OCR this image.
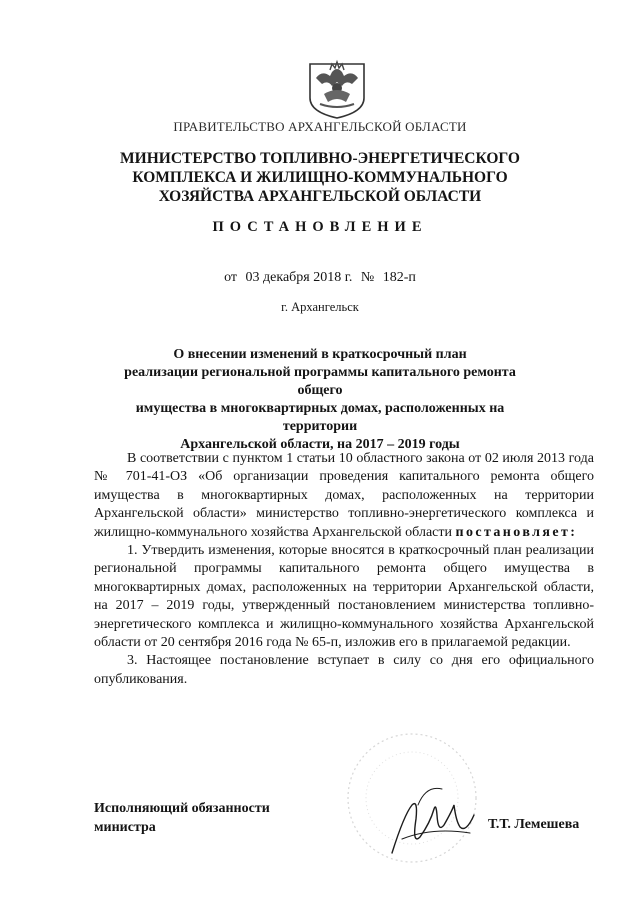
ПРАВИТЕЛЬСТВО АРХАНГЕЛЬСКОЙ ОБЛАСТИ

МИНИСТЕРСТВО ТОПЛИВНО-ЭНЕРГЕТИЧЕСКОГО
КОМПЛЕКСА И ЖИЛИЩНО-КОММУНАЛЬНОГО
ХОЗЯЙСТВА АРХАНГЕЛЬСКОЙ ОБЛАСТИ

ПОСТАНОВЛЕНИЕ

от 03 декабря 2018 г. № 182-п

г. Архангельск

О внесении изменений в краткосрочный план
реализации региональной программы капитального ремонта общего
имущества в многоквартирных домах, расположенных на территории
Архангельской области, на 2017 – 2019 годы

В соответствии с пунктом 1 статьи 10 областного закона от 02 июля 2013 года № 701-41-ОЗ «Об организации проведения капитального ремонта общего имущества в многоквартирных домах, расположенных на территории Архангельской области» министерство топливно-энергетического комплекса и жилищно-коммунального хозяйства Архангельской области постановляет:

1. Утвердить изменения, которые вносятся в краткосрочный план реализации региональной программы капитального ремонта общего имущества в многоквартирных домах, расположенных на территории Архангельской области, на 2017 – 2019 годы, утвержденный постановлением министерства топливно-энергетического комплекса и жилищно-коммунального хозяйства Архангельской области от 20 сентября 2016 года № 65-п, изложив его в прилагаемой редакции.

3. Настоящее постановление вступает в силу со дня его официального опубликования.

Исполняющий обязанности
министра	Т.Т. Лемешева
